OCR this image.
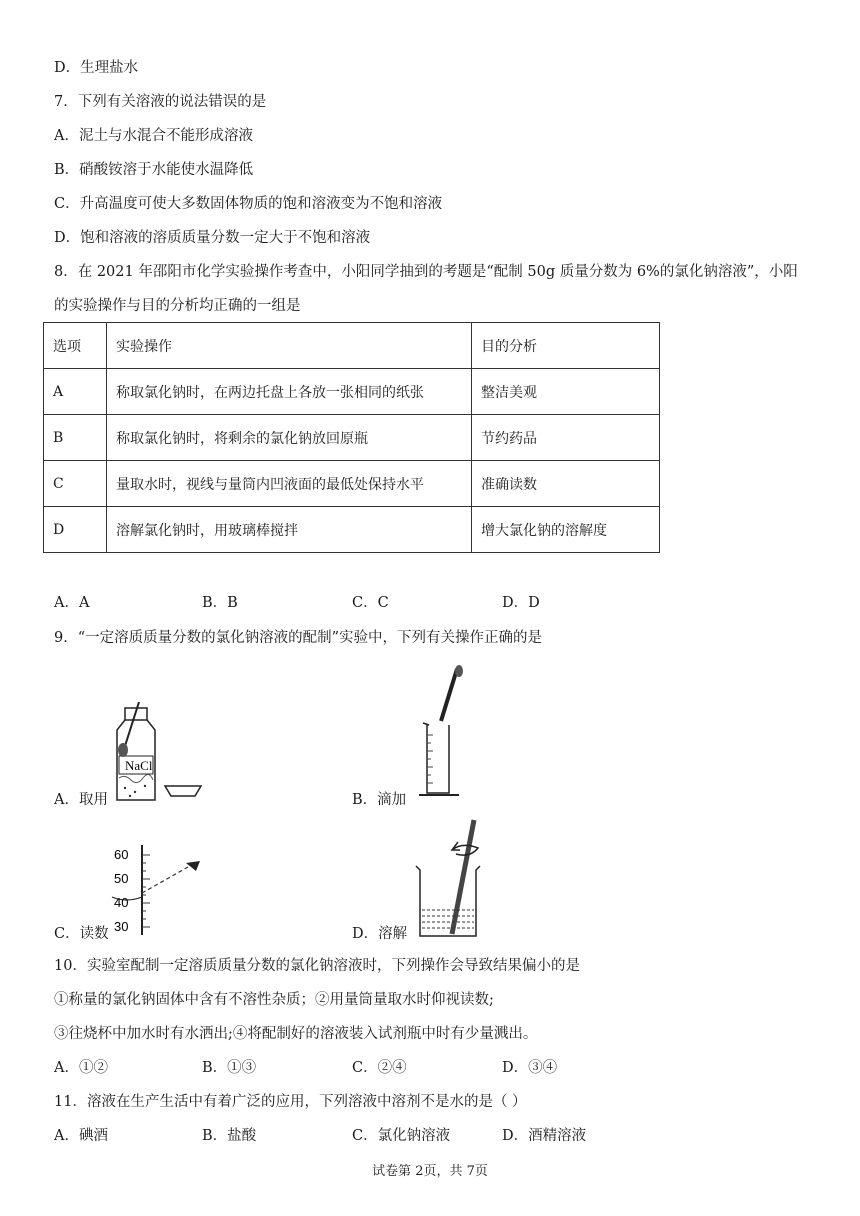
D．生理盐水
7．下列有关溶液的说法错误的是
A．泥土与水混合不能形成溶液
B．硝酸铵溶于水能使水温降低
C．升高温度可使大多数固体物质的饱和溶液变为不饱和溶液
D．饱和溶液的溶质质量分数一定大于不饱和溶液
8．在 2021 年邵阳市化学实验操作考查中，小阳同学抽到的考题是“配制 50g 质量分数为 6%的氯化钠溶液”，小阳
的实验操作与目的分析均正确的一组是
选项	实验操作	目的分析
A	称取氯化钠时，在两边托盘上各放一张相同的纸张	整洁美观
B	称取氯化钠时，将剩余的氯化钠放回原瓶	节约药品
C	量取水时，视线与量筒内凹液面的最低处保持水平	准确读数
D	溶解氯化钠时，用玻璃棒搅拌	增大氯化钠的溶解度
A．A	B．B	C．C	D．D
9．“一定溶质质量分数的氯化钠溶液的配制”实验中，下列有关操作正确的是
NaCl
A．取用	B．滴加
60
50
40
30
C．读数	D．溶解
10．实验室配制一定溶质质量分数的氯化钠溶液时，下列操作会导致结果偏小的是
①称量的氯化钠固体中含有不溶性杂质；②用量筒量取水时仰视读数;
③往烧杯中加水时有水洒出;④将配制好的溶液装入试剂瓶中时有少量溅出。
A．①②	B．①③	C．②④	D．③④
11．溶液在生产生活中有着广泛的应用，下列溶液中溶剂不是水的是（ ）
A．碘酒	B．盐酸	C．氯化钠溶液	D．酒精溶液
试卷第 2页，共 7页
